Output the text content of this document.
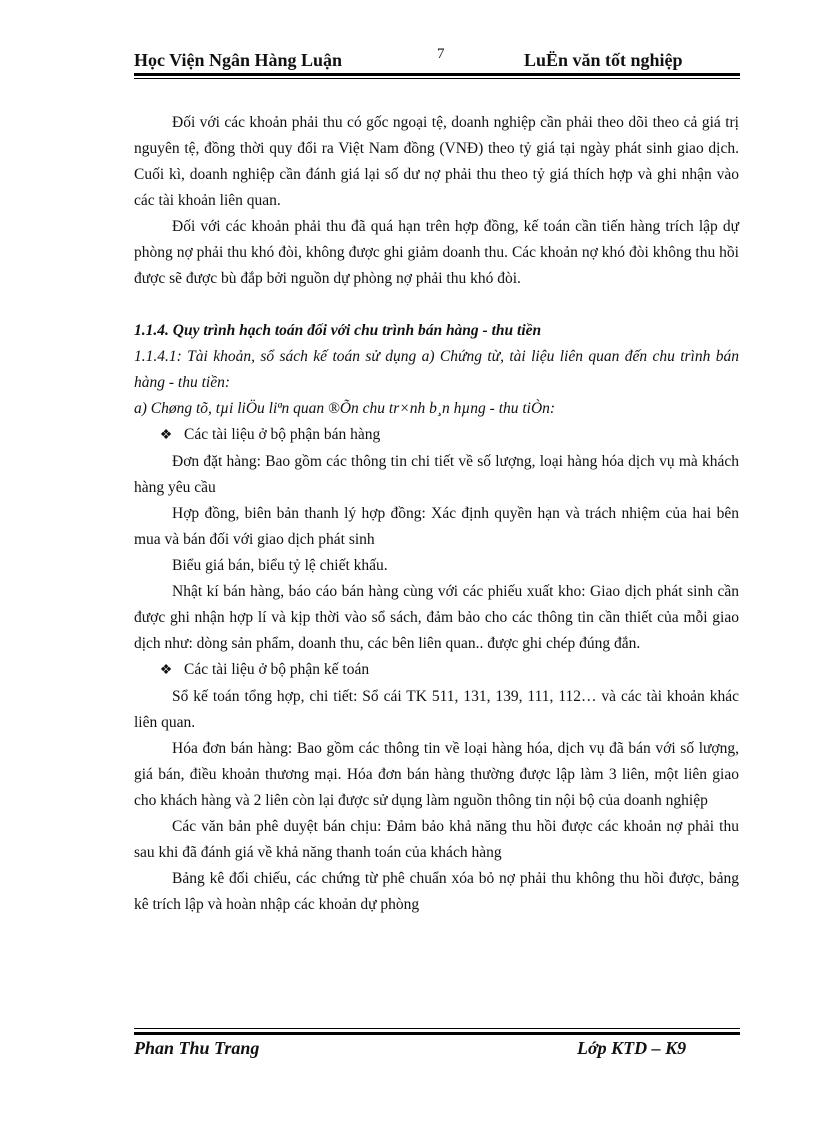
Học Viện Ngân Hàng Luận	7	LuËn văn tốt nghiệp

Đối với các khoản phải thu có gốc ngoại tệ, doanh nghiệp cần phải theo dõi theo cả giá trị nguyên tệ, đồng thời quy đổi ra Việt Nam đồng (VNĐ) theo tỷ giá tại ngày phát sinh giao dịch. Cuối kì, doanh nghiệp cần đánh giá lại số dư nợ phải thu theo tỷ giá thích hợp và ghi nhận vào các tài khoản liên quan.

Đối với các khoản phải thu đã quá hạn trên hợp đồng, kế toán cần tiến hàng trích lập dự phòng nợ phải thu khó đòi, không được ghi giảm doanh thu. Các khoản nợ khó đòi không thu hồi được sẽ được bù đắp bởi nguồn dự phòng nợ phải thu khó đòi.

1.1.4. Quy trình hạch toán đối với chu trình bán hàng - thu tiền

1.1.4.1: Tài khoản, sổ sách kế toán sử dụng a) Chứng từ, tài liệu liên quan đến chu trình bán hàng - thu tiền:

a) Chøng tõ, tµi liÖu liªn quan ®Õn chu tr×nh b¸n hµng - thu tiÒn:

❖ Các tài liệu ở bộ phận bán hàng

Đơn đặt hàng: Bao gồm các thông tin chi tiết về số lượng, loại hàng hóa dịch vụ mà khách hàng yêu cầu

Hợp đồng, biên bản thanh lý hợp đồng: Xác định quyền hạn và trách nhiệm của hai bên mua và bán đối với giao dịch phát sinh

Biểu giá bán, biểu tỷ lệ chiết khấu.

Nhật kí bán hàng, báo cáo bán hàng cùng với các phiếu xuất kho: Giao dịch phát sinh cần được ghi nhận hợp lí và kịp thời vào sổ sách, đảm bảo cho các thông tin cần thiết của mỗi giao dịch như: dòng sản phẩm, doanh thu, các bên liên quan.. được ghi chép đúng đắn.

❖ Các tài liệu ở bộ phận kế toán

Sổ kế toán tổng hợp, chi tiết: Sổ cái TK 511, 131, 139, 111, 112… và các tài khoản khác liên quan.

Hóa đơn bán hàng: Bao gồm các thông tin về loại hàng hóa, dịch vụ đã bán với số lượng, giá bán, điều khoản thương mại. Hóa đơn bán hàng thường được lập làm 3 liên, một liên giao cho khách hàng và 2 liên còn lại được sử dụng làm nguồn thông tin nội bộ của doanh nghiệp

Các văn bản phê duyệt bán chịu: Đảm bảo khả năng thu hồi được các khoản nợ phải thu sau khi đã đánh giá về khả năng thanh toán của khách hàng

Bảng kê đối chiếu, các chứng từ phê chuẩn xóa bỏ nợ phải thu không thu hồi được, bảng kê trích lập và hoàn nhập các khoản dự phòng

Phan Thu Trang	Lớp KTD – K9
